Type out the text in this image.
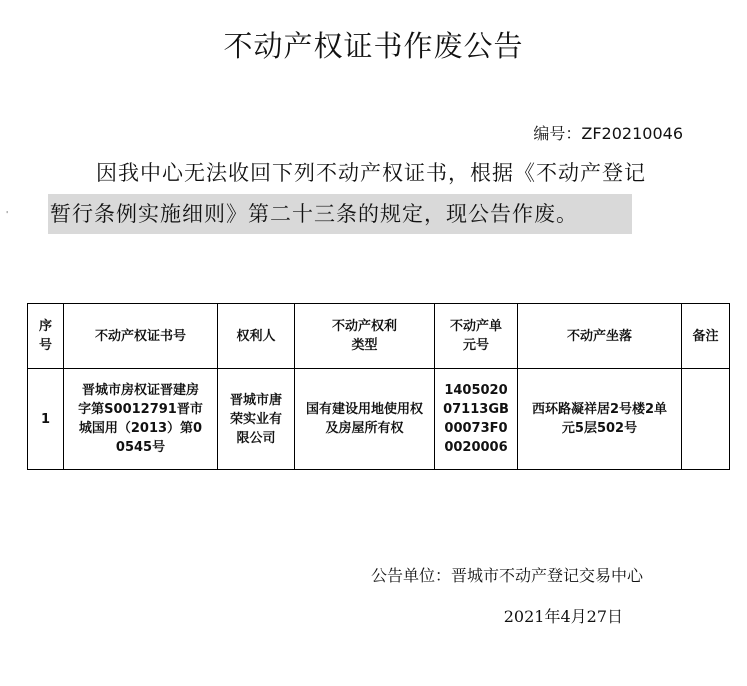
不动产权证书作废公告
编号：ZF20210046
因我中心无法收回下列不动产权证书，根据《不动产登记
暂行条例实施细则》第二十三条的规定，现公告作废。
'
序号	不动产权证书号	权利人	不动产权利类型	不动产单元号	不动产坐落	备注
1	晋城市房权证晋建房字第S0012791晋市城国用（2013）第00545号	晋城市唐荣实业有限公司	国有建设用地使用权及房屋所有权	140502007113GB00073F00020006	西环路凝祥居2号楼2单元5层502号	
公告单位：晋城市不动产登记交易中心
2021年4月27日
